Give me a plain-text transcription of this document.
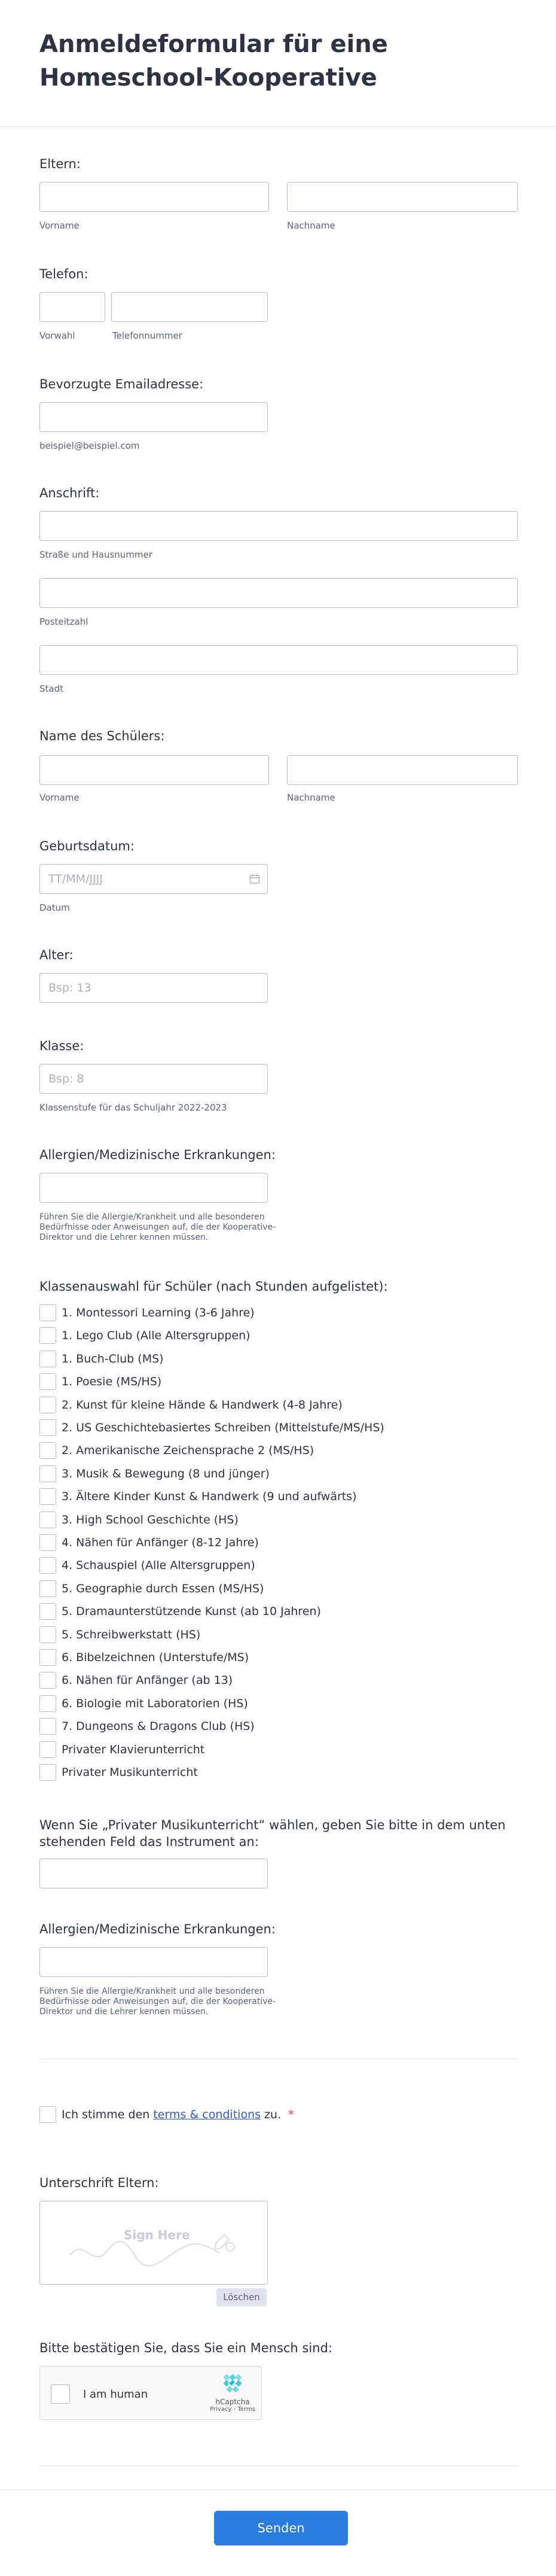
Anmeldeformular für eine Homeschool-Kooperative
Eltern:
Vorname	Nachname
Telefon:
Vorwahl	Telefonnummer
Bevorzugte Emailadresse:
beispiel@beispiel.com
Anschrift:
Straße und Hausnummer
Posteitzahl
Stadt
Name des Schülers:
Vorname	Nachname
Geburtsdatum:
TT/MM/JJJJ
Datum
Alter:
Bsp: 13
Klasse:
Bsp: 8
Klassenstufe für das Schuljahr 2022-2023
Allergien/Medizinische Erkrankungen:
Führen Sie die Allergie/Krankheit und alle besonderen Bedürfnisse oder Anweisungen auf, die der Kooperative-Direktor und die Lehrer kennen müssen.
Klassenauswahl für Schüler (nach Stunden aufgelistet):
1. Montessori Learning (3-6 Jahre)
1. Lego Club (Alle Altersgruppen)
1. Buch-Club (MS)
1. Poesie (MS/HS)
2. Kunst für kleine Hände & Handwerk (4-8 Jahre)
2. US Geschichtebasiertes Schreiben (Mittelstufe/MS/HS)
2. Amerikanische Zeichensprache 2 (MS/HS)
3. Musik & Bewegung (8 und jünger)
3. Ältere Kinder Kunst & Handwerk (9 und aufwärts)
3. High School Geschichte (HS)
4. Nähen für Anfänger (8-12 Jahre)
4. Schauspiel (Alle Altersgruppen)
5. Geographie durch Essen (MS/HS)
5. Dramaunterstützende Kunst (ab 10 Jahren)
5. Schreibwerkstatt (HS)
6. Bibelzeichnen (Unterstufe/MS)
6. Nähen für Anfänger (ab 13)
6. Biologie mit Laboratorien (HS)
7. Dungeons & Dragons Club (HS)
Privater Klavierunterricht
Privater Musikunterricht
Wenn Sie „Privater Musikunterricht“ wählen, geben Sie bitte in dem unten stehenden Feld das Instrument an:
Allergien/Medizinische Erkrankungen:
Führen Sie die Allergie/Krankheit und alle besonderen Bedürfnisse oder Anweisungen auf, die der Kooperative-Direktor und die Lehrer kennen müssen.
Ich stimme den terms & conditions zu. *
Unterschrift Eltern:
Sign Here
Löschen
Bitte bestätigen Sie, dass Sie ein Mensch sind:
I am human
hCaptcha
Privacy - Terms
Senden
